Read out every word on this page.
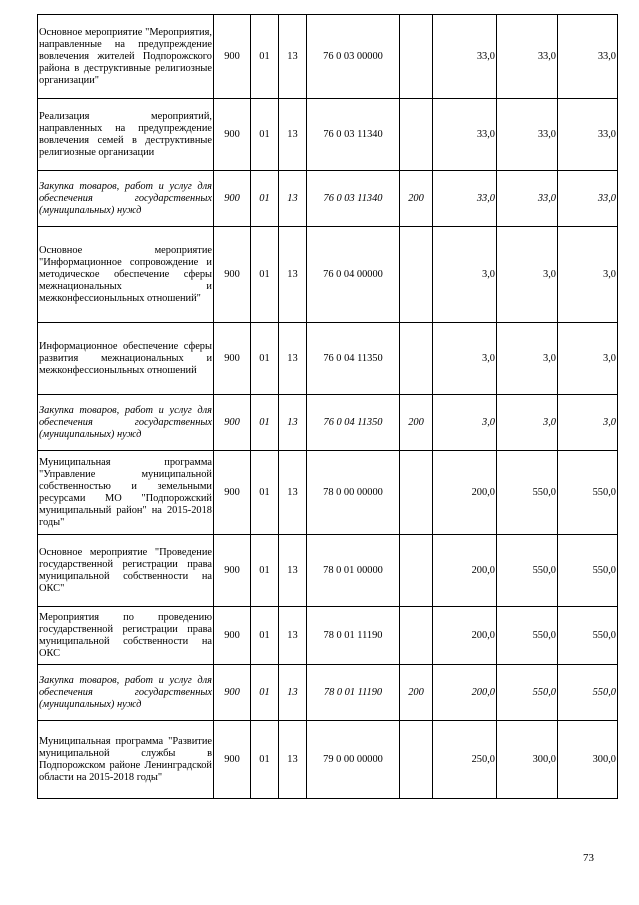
Основное мероприятие "Мероприятия, направленные на предупреждение вовлечения жителей Подпорожского района в деструктивные религиозные организации"	900	01	13	76 0 03 00000		33,0	33,0	33,0
Реализация мероприятий, направленных на предупреждение вовлечения семей в деструктивные религиозные организации	900	01	13	76 0 03 11340		33,0	33,0	33,0
Закупка товаров, работ и услуг для обеспечения государственных (муниципальных) нужд	900	01	13	76 0 03 11340	200	33,0	33,0	33,0
Основное мероприятие "Информационное сопровождение и методическое обеспечение сферы межнациональных и межконфессионыльных отношений"	900	01	13	76 0 04 00000		3,0	3,0	3,0
Информационное обеспечение сферы развития межнациональных и межконфессионыльных отношений	900	01	13	76 0 04 11350		3,0	3,0	3,0
Закупка товаров, работ и услуг для обеспечения государственных (муниципальных) нужд	900	01	13	76 0 04 11350	200	3,0	3,0	3,0
Муниципальная программа "Управление муниципальной собственностью и земельными ресурсами МО "Подпорожский муниципальный район" на 2015-2018 годы"	900	01	13	78 0 00 00000		200,0	550,0	550,0
Основное мероприятие "Проведение государственной регистрации права муниципальной собственности на ОКС"	900	01	13	78 0 01 00000		200,0	550,0	550,0
Мероприятия по проведению государственной регистрации права муниципальной собственности на ОКС	900	01	13	78 0 01 11190		200,0	550,0	550,0
Закупка товаров, работ и услуг для обеспечения государственных (муниципальных) нужд	900	01	13	78 0 01 11190	200	200,0	550,0	550,0
Муниципальная программа "Развитие муниципальной службы в Подпорожском районе Ленинградской области на 2015-2018 годы"	900	01	13	79 0 00 00000		250,0	300,0	300,0
73
